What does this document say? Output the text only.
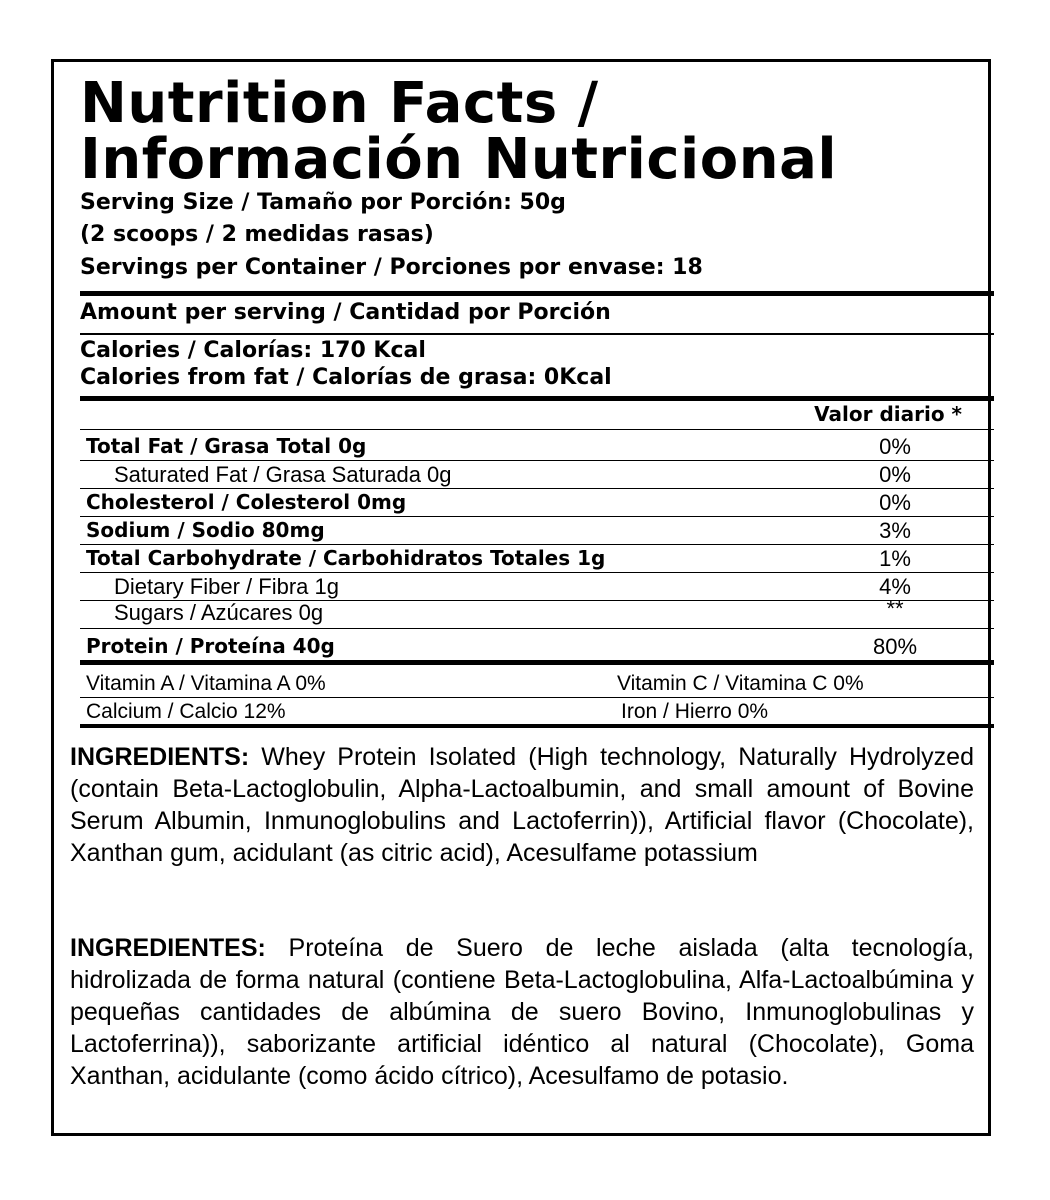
Nutrition Facts /
Información Nutricional
Serving Size / Tamaño por Porción: 50g
(2 scoops / 2 medidas rasas)
Servings per Container / Porciones por envase: 18
Amount per serving / Cantidad por Porción
Calories / Calorías: 170 Kcal
Calories from fat / Calorías de grasa: 0Kcal
Valor diario *
Total Fat / Grasa Total 0g	0%
Saturated Fat / Grasa Saturada 0g	0%
Cholesterol / Colesterol 0mg	0%
Sodium / Sodio 80mg	3%
Total Carbohydrate / Carbohidratos Totales 1g	1%
Dietary Fiber / Fibra 1g	4%
Sugars / Azúcares 0g	**
Protein / Proteína 40g	80%
Vitamin A / Vitamina A 0%	Vitamin C / Vitamina C 0%
Calcium / Calcio 12%	Iron / Hierro 0%

INGREDIENTS: Whey Protein Isolated (High technology, Naturally Hydrolyzed (contain Beta-Lactoglobulin, Alpha-Lactoalbumin, and small amount of Bovine Serum Albumin, Inmunoglobulins and Lactoferrin)), Artificial flavor (Chocolate), Xanthan gum, acidulant (as citric acid), Acesulfame potassium

INGREDIENTES: Proteína de Suero de leche aislada (alta tecnología, hidrolizada de forma natural (contiene Beta-Lactoglobulina, Alfa-Lactoalbúmina y pequeñas cantidades de albúmina de suero Bovino, Inmunoglobulinas y Lactoferrina)), saborizante artificial idéntico al natural (Chocolate), Goma Xanthan, acidulante (como ácido cítrico), Acesulfamo de potasio.
